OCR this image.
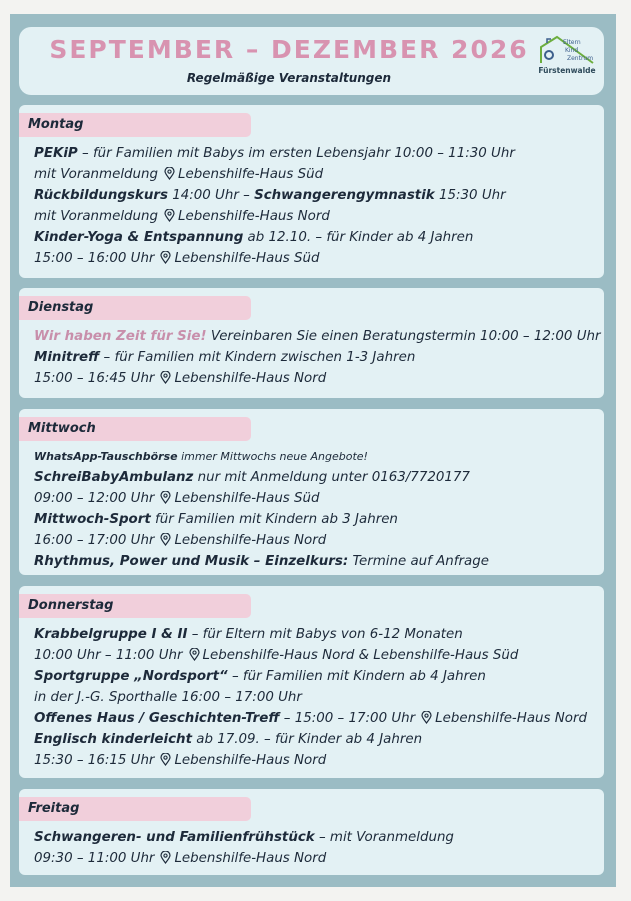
SEPTEMBER – DEZEMBER 2026
Regelmäßige Veranstaltungen
Eltern
Kind
Zentrum
Fürstenwalde
Montag
PEKiP – für Familien mit Babys im ersten Lebensjahr 10:00 – 11:30 Uhr
mit Voranmeldung Lebenshilfe-Haus Süd
Rückbildungskurs 14:00 Uhr – Schwangerengymnastik 15:30 Uhr
mit Voranmeldung Lebenshilfe-Haus Nord
Kinder-Yoga & Entspannung ab 12.10. – für Kinder ab 4 Jahren
15:00 – 16:00 Uhr Lebenshilfe-Haus Süd
Dienstag
Wir haben Zeit für Sie! Vereinbaren Sie einen Beratungstermin 10:00 – 12:00 Uhr
Minitreff – für Familien mit Kindern zwischen 1-3 Jahren
15:00 – 16:45 Uhr Lebenshilfe-Haus Nord
Mittwoch
WhatsApp-Tauschbörse immer Mittwochs neue Angebote!
SchreiBabyAmbulanz nur mit Anmeldung unter 0163/7720177
09:00 – 12:00 Uhr Lebenshilfe-Haus Süd
Mittwoch-Sport für Familien mit Kindern ab 3 Jahren
16:00 – 17:00 Uhr Lebenshilfe-Haus Nord
Rhythmus, Power und Musik – Einzelkurs: Termine auf Anfrage
Donnerstag
Krabbelgruppe I & II – für Eltern mit Babys von 6-12 Monaten
10:00 Uhr – 11:00 Uhr Lebenshilfe-Haus Nord & Lebenshilfe-Haus Süd
Sportgruppe „Nordsport“ – für Familien mit Kindern ab 4 Jahren
in der J.-G. Sporthalle 16:00 – 17:00 Uhr
Offenes Haus / Geschichten-Treff – 15:00 – 17:00 Uhr Lebenshilfe-Haus Nord
Englisch kinderleicht ab 17.09. – für Kinder ab 4 Jahren
15:30 – 16:15 Uhr Lebenshilfe-Haus Nord
Freitag
Schwangeren- und Familienfrühstück – mit Voranmeldung
09:30 – 11:00 Uhr Lebenshilfe-Haus Nord
